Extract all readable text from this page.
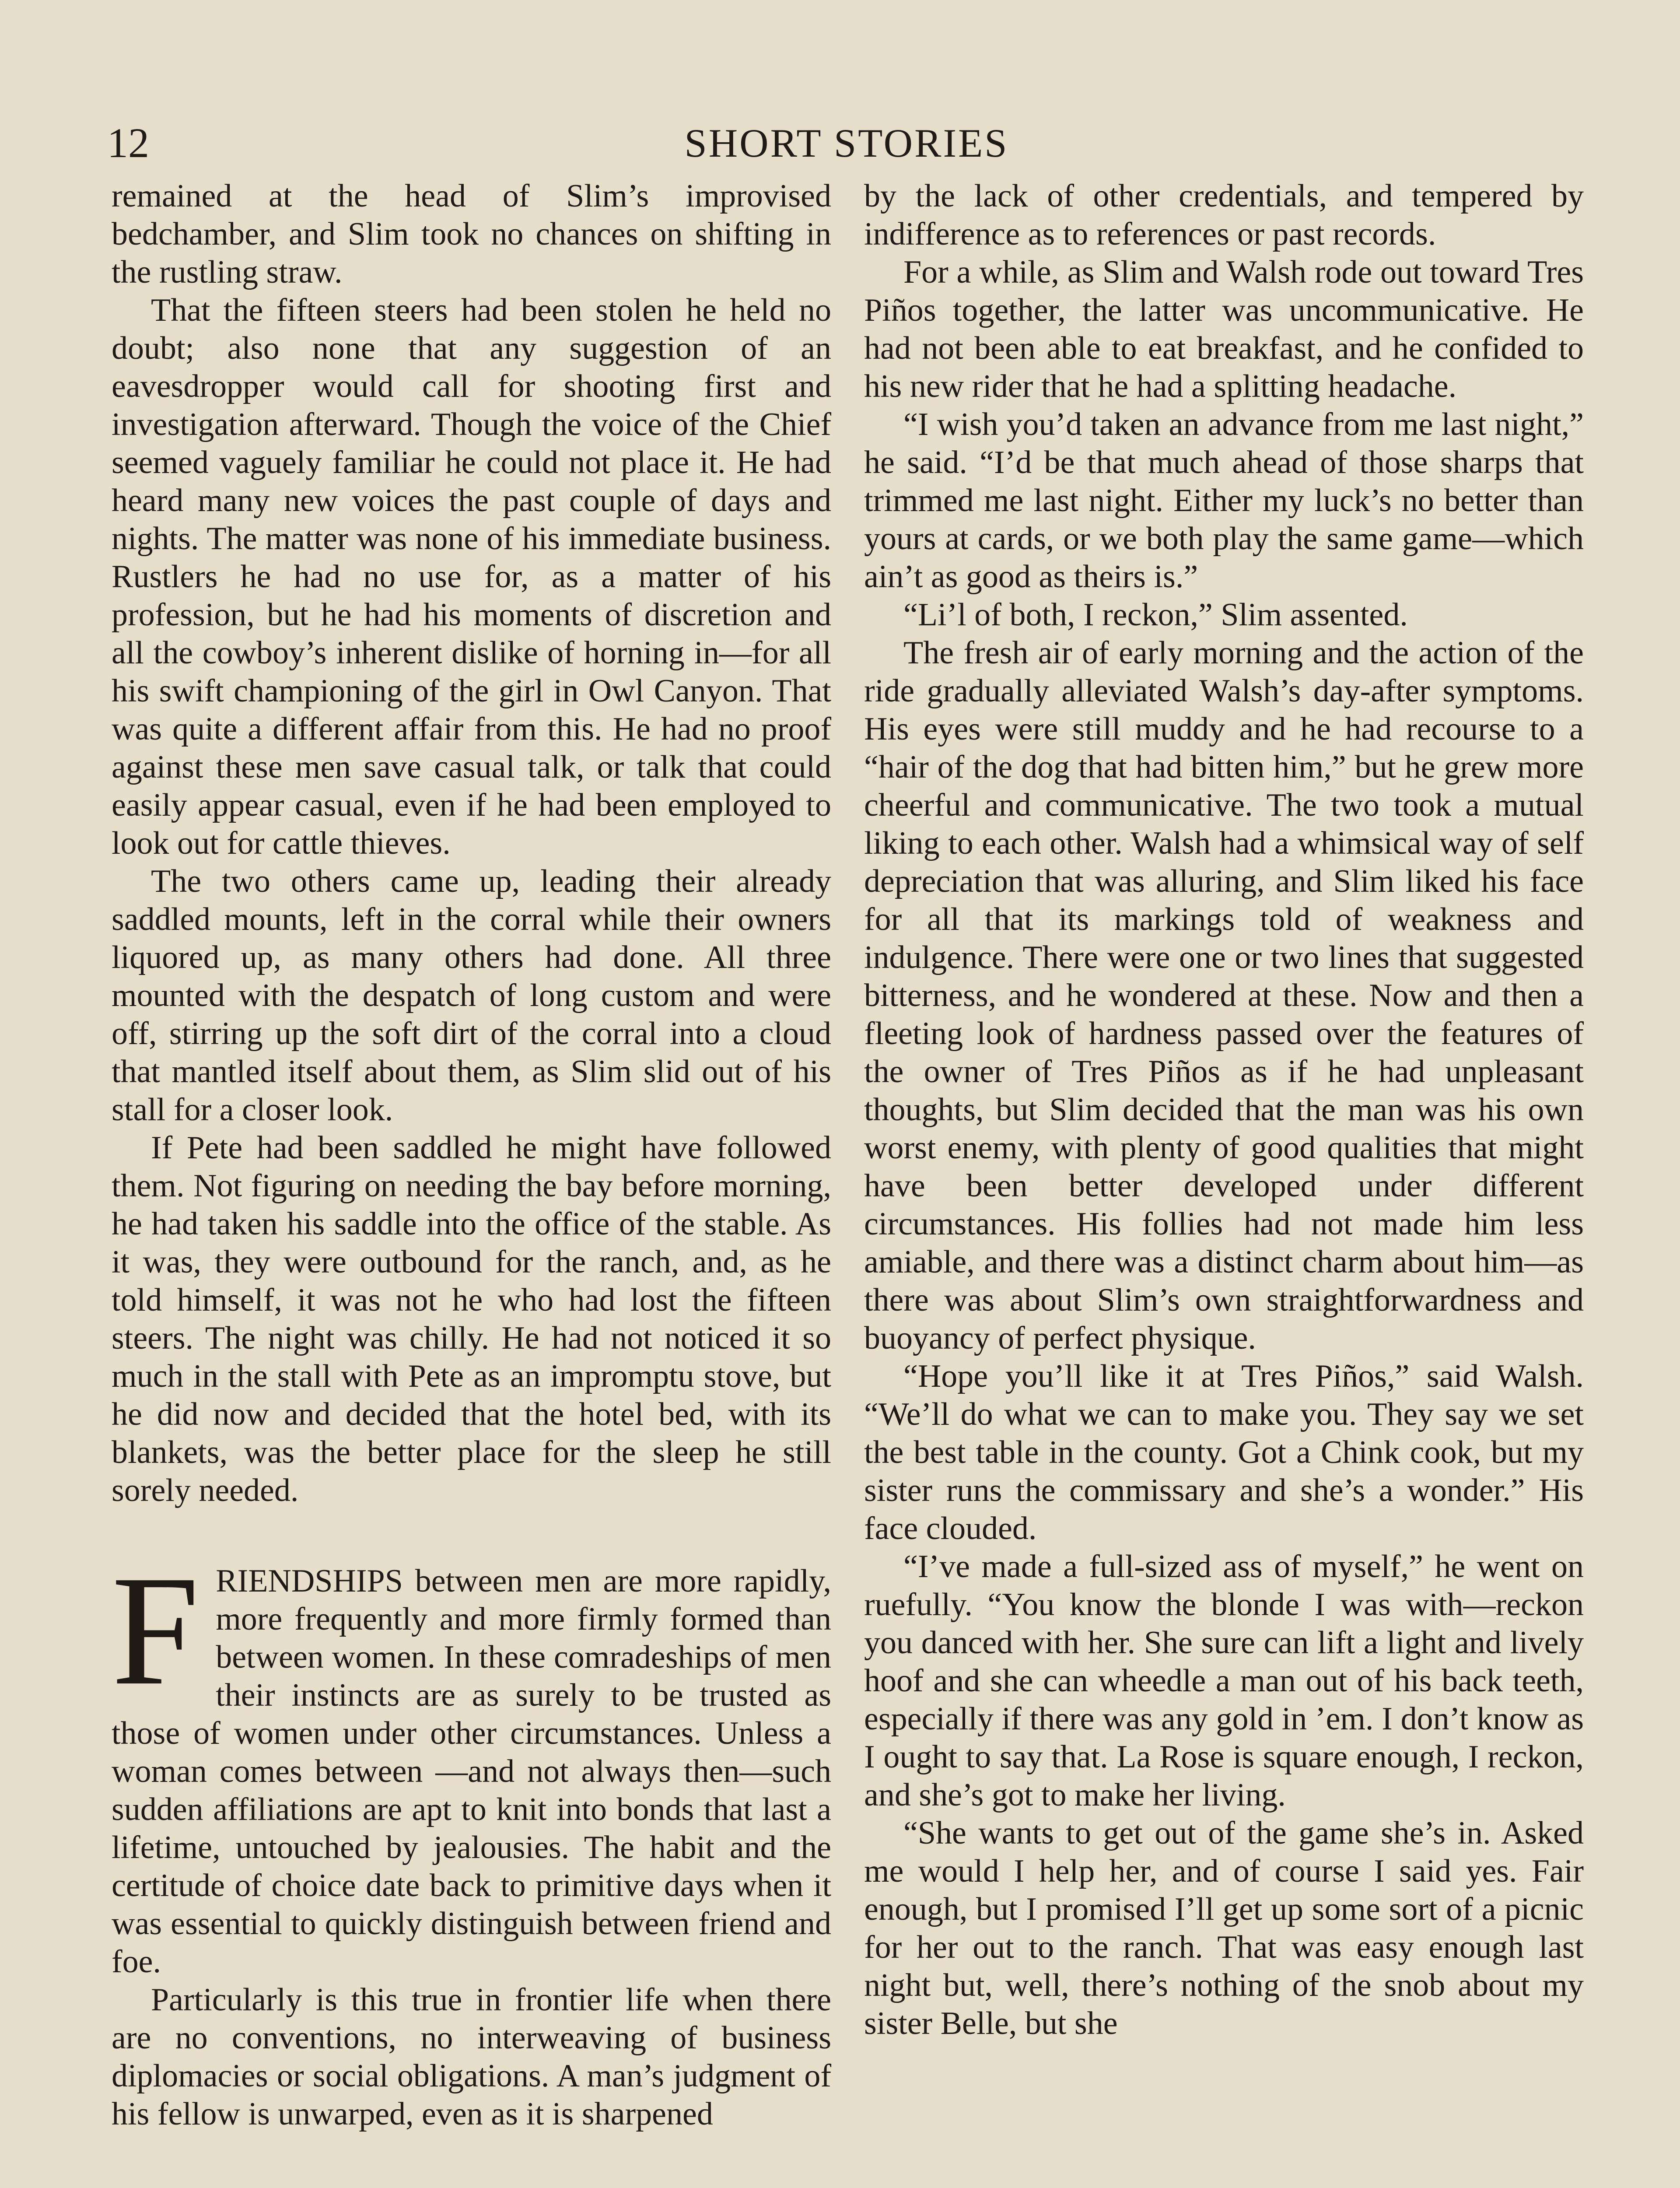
12	SHORT STORIES

remained at the head of Slim’s improvised bedchamber, and Slim took no chances on shifting in the rustling straw.

That the fifteen steers had been stolen he held no doubt; also none that any suggestion of an eavesdropper would call for shooting first and investigation afterward. Though the voice of the Chief seemed vaguely familiar he could not place it. He had heard many new voices the past couple of days and nights. The matter was none of his immediate business. Rustlers he had no use for, as a matter of his profession, but he had his moments of discretion and all the cowboy’s inherent dislike of horning in—for all his swift championing of the girl in Owl Canyon. That was quite a different affair from this. He had no proof against these men save casual talk, or talk that could easily appear casual, even if he had been employed to look out for cattle thieves.

The two others came up, leading their already saddled mounts, left in the corral while their owners liquored up, as many others had done. All three mounted with the despatch of long custom and were off, stirring up the soft dirt of the corral into a cloud that mantled itself about them, as Slim slid out of his stall for a closer look.

If Pete had been saddled he might have followed them. Not figuring on needing the bay before morning, he had taken his saddle into the office of the stable. As it was, they were outbound for the ranch, and, as he told himself, it was not he who had lost the fifteen steers. The night was chilly. He had not noticed it so much in the stall with Pete as an impromptu stove, but he did now and decided that the hotel bed, with its blankets, was the better place for the sleep he still sorely needed.

FRIENDSHIPS between men are more rapidly, more frequently and more firmly formed than between women. In these comradeships of men their instincts are as surely to be trusted as those of women under other circumstances. Unless a woman comes between —and not always then—such sudden affiliations are apt to knit into bonds that last a lifetime, untouched by jealousies. The habit and the certitude of choice date back to primitive days when it was essential to quickly distinguish between friend and foe.

Particularly is this true in frontier life when there are no conventions, no interweaving of business diplomacies or social obligations. A man’s judgment of his fellow is unwarped, even as it is sharpened

by the lack of other credentials, and tempered by indifference as to references or past records.

For a while, as Slim and Walsh rode out toward Tres Piños together, the latter was uncommunicative. He had not been able to eat breakfast, and he confided to his new rider that he had a splitting headache.

“I wish you’d taken an advance from me last night,” he said. “I’d be that much ahead of those sharps that trimmed me last night. Either my luck’s no better than yours at cards, or we both play the same game—which ain’t as good as theirs is.”

“Li’l of both, I reckon,” Slim assented.

The fresh air of early morning and the action of the ride gradually alleviated Walsh’s day-after symptoms. His eyes were still muddy and he had recourse to a “hair of the dog that had bitten him,” but he grew more cheerful and communicative. The two took a mutual liking to each other. Walsh had a whimsical way of self depreciation that was alluring, and Slim liked his face for all that its markings told of weakness and indulgence. There were one or two lines that suggested bitterness, and he wondered at these. Now and then a fleeting look of hardness passed over the features of the owner of Tres Piños as if he had unpleasant thoughts, but Slim decided that the man was his own worst enemy, with plenty of good qualities that might have been better developed under different circumstances. His follies had not made him less amiable, and there was a distinct charm about him—as there was about Slim’s own straightforwardness and buoyancy of perfect physique.

“Hope you’ll like it at Tres Piños,” said Walsh. “We’ll do what we can to make you. They say we set the best table in the county. Got a Chink cook, but my sister runs the commissary and she’s a wonder.” His face clouded.

“I’ve made a full-sized ass of myself,” he went on ruefully. “You know the blonde I was with—reckon you danced with her. She sure can lift a light and lively hoof and she can wheedle a man out of his back teeth, especially if there was any gold in ’em. I don’t know as I ought to say that. La Rose is square enough, I reckon, and she’s got to make her living.

“She wants to get out of the game she’s in. Asked me would I help her, and of course I said yes. Fair enough, but I promised I’ll get up some sort of a picnic for her out to the ranch. That was easy enough last night but, well, there’s nothing of the snob about my sister Belle, but she
